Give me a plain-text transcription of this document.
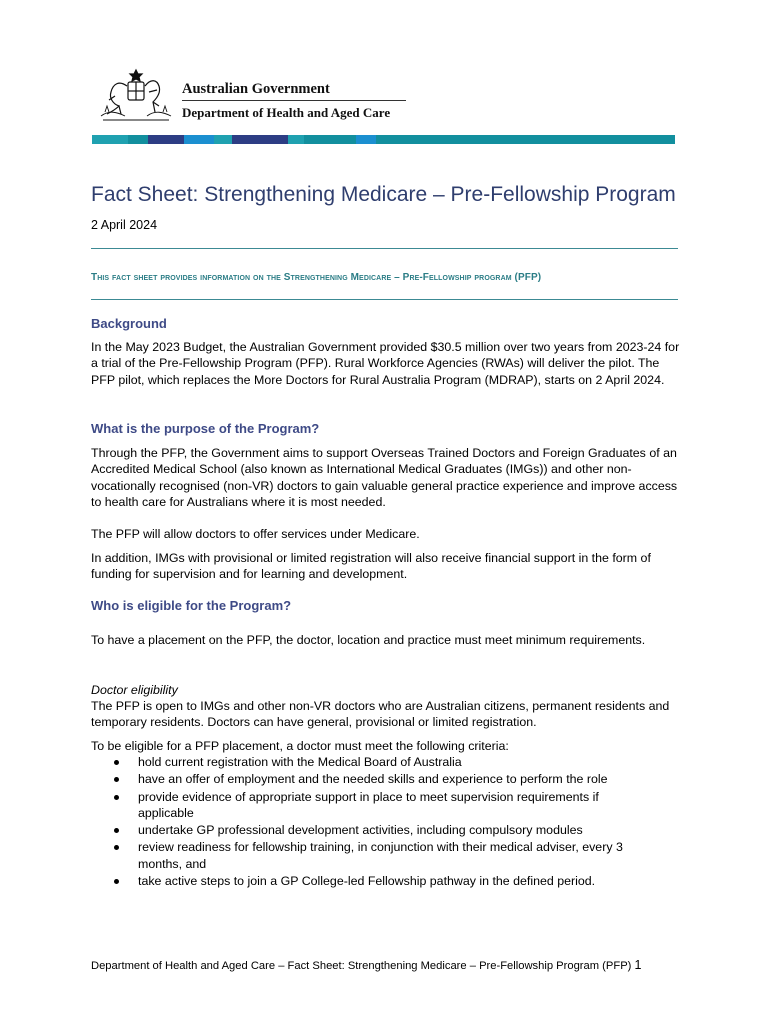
Australian Government
Department of Health and Aged Care
Fact Sheet: Strengthening Medicare – Pre-Fellowship Program
2 April 2024
This fact sheet provides information on the Strengthening Medicare – Pre-Fellowship program (PFP)
Background
In the May 2023 Budget, the Australian Government provided $30.5 million over two years from 2023-24 for a trial of the Pre-Fellowship Program (PFP). Rural Workforce Agencies (RWAs) will deliver the pilot. The PFP pilot, which replaces the More Doctors for Rural Australia Program (MDRAP), starts on 2 April 2024.
What is the purpose of the Program?
Through the PFP, the Government aims to support Overseas Trained Doctors and Foreign Graduates of an Accredited Medical School (also known as International Medical Graduates (IMGs)) and other non-vocationally recognised (non-VR) doctors to gain valuable general practice experience and improve access to health care for Australians where it is most needed.
The PFP will allow doctors to offer services under Medicare.
In addition, IMGs with provisional or limited registration will also receive financial support in the form of funding for supervision and for learning and development.
Who is eligible for the Program?
To have a placement on the PFP, the doctor, location and practice must meet minimum requirements.
Doctor eligibility
The PFP is open to IMGs and other non-VR doctors who are Australian citizens, permanent residents and temporary residents. Doctors can have general, provisional or limited registration.
To be eligible for a PFP placement, a doctor must meet the following criteria:
hold current registration with the Medical Board of Australia
have an offer of employment and the needed skills and experience to perform the role
provide evidence of appropriate support in place to meet supervision requirements if applicable
undertake GP professional development activities, including compulsory modules
review readiness for fellowship training, in conjunction with their medical adviser, every 3 months, and
take active steps to join a GP College-led Fellowship pathway in the defined period.
Department of Health and Aged Care – Fact Sheet: Strengthening Medicare – Pre-Fellowship Program (PFP) 1
